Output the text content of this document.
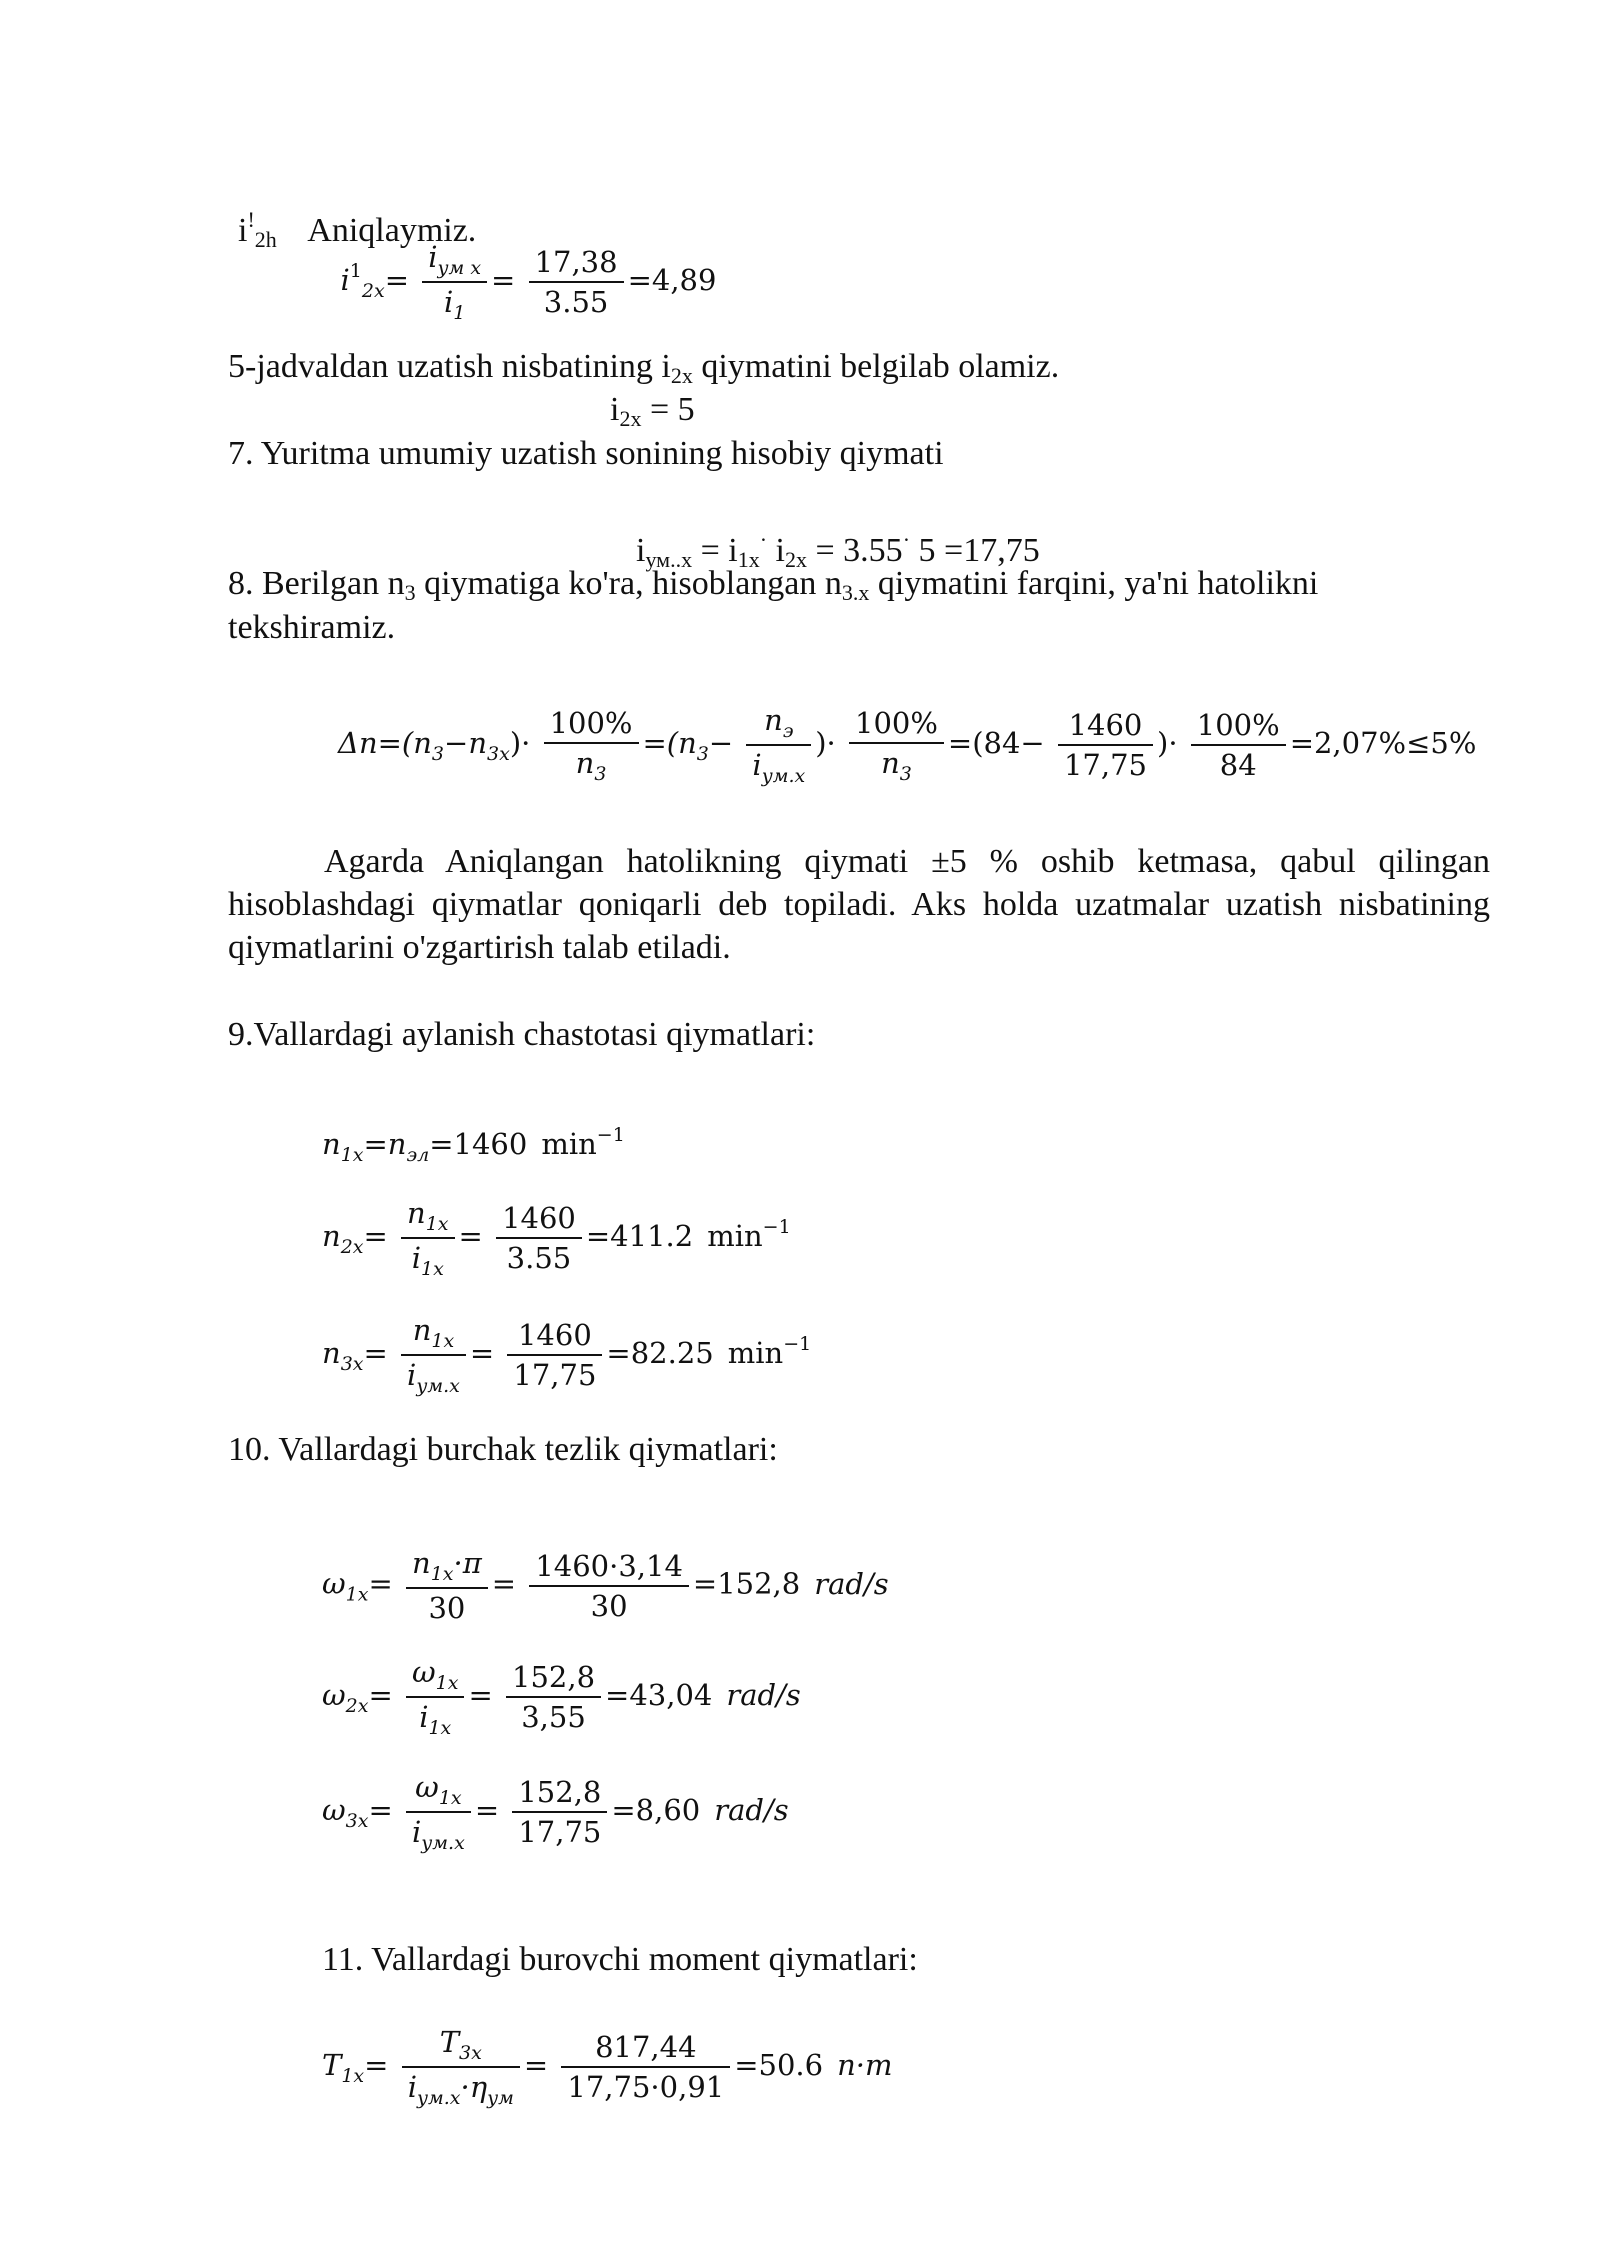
$i^!_{2h}$ Aniqlaymiz.
$i^1_{2x}= \frac{i_{ум x}}{i_1} = \frac{17,38}{3.55} =4,89$
5-jadvaldan uzatish nisbatining $i_{2x}$ qiymatini belgilab olamiz.
$i_{2x} = 5$
7. Yuritma umumiy uzatish sonining hisobiy qiymati
$i_{ум..х} = i_{1x}^\cdot$ $i_{2x} = 3.55^\cdot$ 5 =17,75
8. Berilgan $n_3$ qiymatiga ko'ra, hisoblangan $n_{3.x}$ qiymatini farqini, ya'ni hatolikni
tekshiramiz.
$\Delta n=(n_3-n_{3x})\cdot \frac{100\%}{n_3} =(n_3- \frac{n_э}{i_{ум.x}}$ )· $\frac{100\%}{n_3} =(84- \frac{1460}{17,75}$ )· $\frac{100\%}{84} =2,07\%\le 5\%$

Agarda Aniqlangan hatolikning qiymati ±5 % oshib ketmasa, qabul qilingan hisoblashdagi qiymatlar qoniqarli deb topiladi. Aks holda uzatmalar uzatish nisbatining qiymatlarini o'zgartirish talab etiladi.

9.Vallardagi aylanish chastotasi qiymatlari:
$n_{1x}=n_{эл}=1460$ $\min^{-1}$
$n_{2x}= \frac{n_{1x}}{i_{1x}} = \frac{1460}{3.55} =411.2$ $\min^{-1}$
$n_{3x}= \frac{n_{1x}}{i_{ум.x}} = \frac{1460}{17,75} =82.25$ $\min^{-1}$
10. Vallardagi burchak tezlik qiymatlari:
$\omega_{1x}= \frac{n_{1x}\cdot\pi}{30} = \frac{1460\cdot 3,14}{30} =152,8$ rad/s
$\omega_{2x}= \frac{\omega_{1x}}{i_{1x}} = \frac{152,8}{3,55} =43,04$ rad/s
$\omega_{3x}= \frac{\omega_{1x}}{i_{ум.x}} = \frac{152,8}{17,75} =8,60$ rad/s
11. Vallardagi burovchi moment qiymatlari:
$T_{1x}= \frac{T_{3x}}{i_{ум.x}\cdot\eta_{ум}} = \frac{817,44}{17,75\cdot 0,91} =50.6$ n·m
